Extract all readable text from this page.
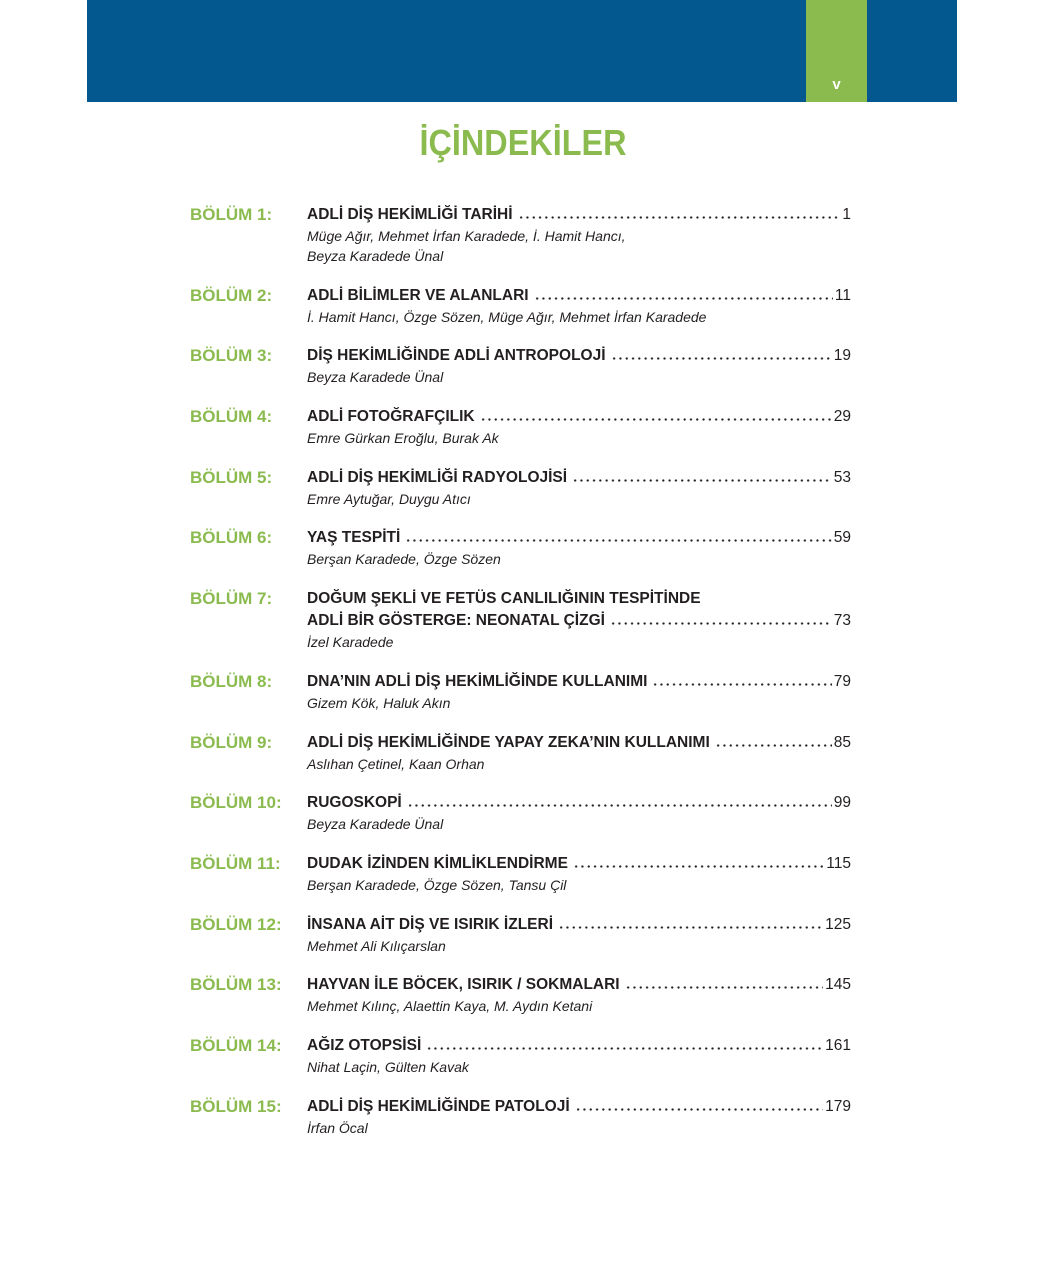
v
İÇİNDEKİLER
BÖLÜM 1:	ADLİ DİŞ HEKİMLİĞİ TARİHİ	1
Müge Ağır, Mehmet İrfan Karadede, İ. Hamit Hancı,
Beyza Karadede Ünal
BÖLÜM 2:	ADLİ BİLİMLER VE ALANLARI	11
İ. Hamit Hancı, Özge Sözen, Müge Ağır, Mehmet İrfan Karadede
BÖLÜM 3:	DİŞ HEKİMLİĞİNDE ADLİ ANTROPOLOJİ	19
Beyza Karadede Ünal
BÖLÜM 4:	ADLİ FOTOĞRAFÇILIK	29
Emre Gürkan Eroğlu, Burak Ak
BÖLÜM 5:	ADLİ DİŞ HEKİMLİĞİ RADYOLOJİSİ	53
Emre Aytuğar, Duygu Atıcı
BÖLÜM 6:	YAŞ TESPİTİ	59
Berşan Karadede, Özge Sözen
BÖLÜM 7:	DOĞUM ŞEKLİ VE FETÜS CANLILIĞININ TESPİTİNDE
ADLİ BİR GÖSTERGE: NEONATAL ÇİZGİ	73
İzel Karadede
BÖLÜM 8:	DNA’NIN ADLİ DİŞ HEKİMLİĞİNDE KULLANIMI	79
Gizem Kök, Haluk Akın
BÖLÜM 9:	ADLİ DİŞ HEKİMLİĞİNDE YAPAY ZEKA’NIN KULLANIMI	85
Aslıhan Çetinel, Kaan Orhan
BÖLÜM 10:	RUGOSKOPİ	99
Beyza Karadede Ünal
BÖLÜM 11:	DUDAK İZİNDEN KİMLİKLENDİRME	115
Berşan Karadede, Özge Sözen, Tansu Çil
BÖLÜM 12:	İNSANA AİT DİŞ VE ISIRIK İZLERİ	125
Mehmet Ali Kılıçarslan
BÖLÜM 13:	HAYVAN İLE BÖCEK, ISIRIK / SOKMALARI	145
Mehmet Kılınç, Alaettin Kaya, M. Aydın Ketani
BÖLÜM 14:	AĞIZ OTOPSİSİ	161
Nihat Laçin, Gülten Kavak
BÖLÜM 15:	ADLİ DİŞ HEKİMLİĞİNDE PATOLOJİ	179
İrfan Öcal
